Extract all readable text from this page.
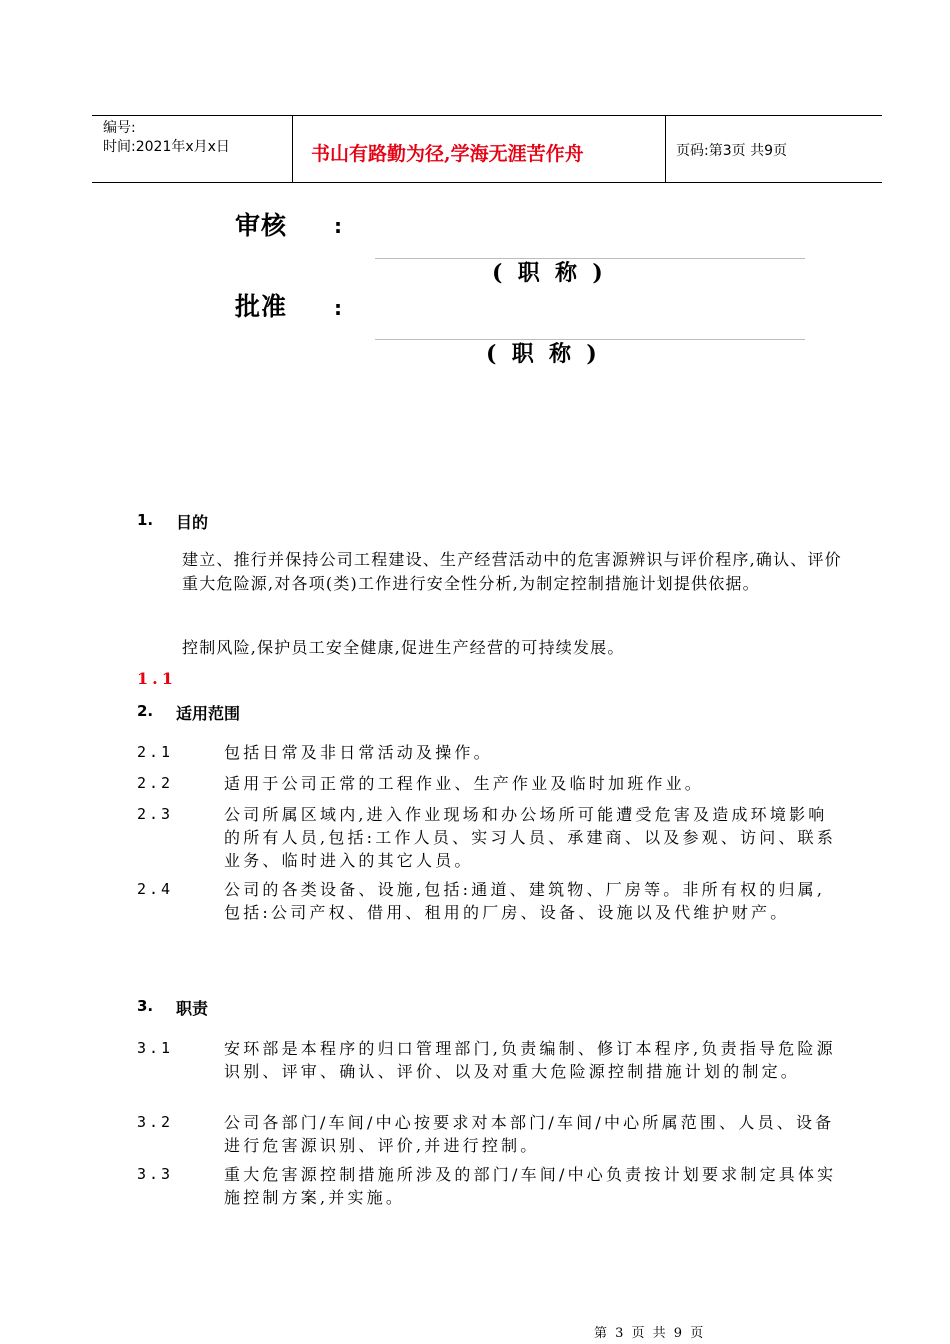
编号:
时间:2021年x月x日	书山有路勤为径,学海无涯苦作舟	页码:第3页 共9页
审核 :
(  职  称  )
批准 :
(  职  称  )
1. 目的
建立、推行并保持公司工程建设、生产经营活动中的危害源辨识与评价程序,确认、评价重大危险源,对各项(类)工作进行安全性分析,为制定控制措施计划提供依据。
控制风险,保护员工安全健康,促进生产经营的可持续发展。
1.1
2. 适用范围
2.1	包括日常及非日常活动及操作。
2.2	适用于公司正常的工程作业、生产作业及临时加班作业。
2.3	公司所属区域内,进入作业现场和办公场所可能遭受危害及造成环境影响的所有人员,包括:工作人员、实习人员、承建商、以及参观、访问、联系业务、临时进入的其它人员。
2.4	公司的各类设备、设施,包括:通道、建筑物、厂房等。非所有权的归属,包括:公司产权、借用、租用的厂房、设备、设施以及代维护财产。
3. 职责
3.1	安环部是本程序的归口管理部门,负责编制、修订本程序,负责指导危险源识别、评审、确认、评价、以及对重大危险源控制措施计划的制定。
3.2	公司各部门/车间/中心按要求对本部门/车间/中心所属范围、人员、设备进行危害源识别、评价,并进行控制。
3.3	重大危害源控制措施所涉及的部门/车间/中心负责按计划要求制定具体实施控制方案,并实施。
第 3 页 共 9 页
